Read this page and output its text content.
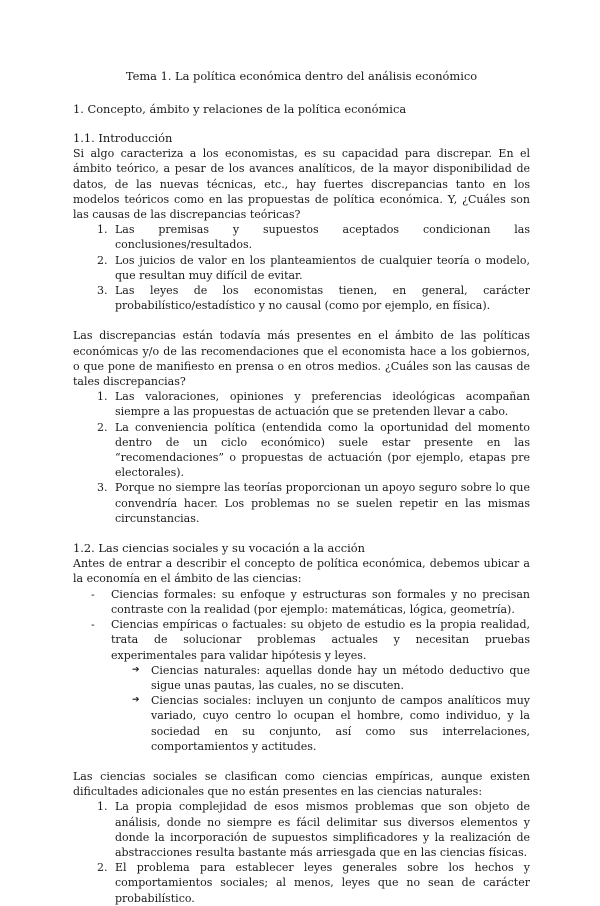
Tema 1. La política económica dentro del análisis económico
1. Concepto, ámbito y relaciones de la política económica
1.1. Introducción

Si algo caracteriza a los economistas, es su capacidad para discrepar. En el ámbito teórico, a pesar de los avances analíticos, de la mayor disponibilidad de datos, de las nuevas técnicas, etc., hay fuertes discrepancias tanto en los modelos teóricos como en las propuestas de política económica. Y, ¿Cuáles son las causas de las discrepancias teóricas?

1. Las premisas y supuestos aceptados condicionan las conclusiones/resultados.
2. Los juicios de valor en los planteamientos de cualquier teoría o modelo, que resultan muy difícil de evitar.
3. Las leyes de los economistas tienen, en general, carácter probabilístico/estadístico y no causal (como por ejemplo, en física).

Las discrepancias están todavía más presentes en el ámbito de las políticas económicas y/o de las recomendaciones que el economista hace a los gobiernos, o que pone de manifiesto en prensa o en otros medios. ¿Cuáles son las causas de tales discrepancias?

1. Las valoraciones, opiniones y preferencias ideológicas acompañan siempre a las propuestas de actuación que se pretenden llevar a cabo.
2. La conveniencia política (entendida como la oportunidad del momento dentro de un ciclo económico) suele estar presente en las “recomendaciones” o propuestas de actuación (por ejemplo, etapas pre electorales).
3. Porque no siempre las teorías proporcionan un apoyo seguro sobre lo que convendría hacer. Los problemas no se suelen repetir en las mismas circunstancias.
1.2. Las ciencias sociales y su vocación a la acción

Antes de entrar a describir el concepto de política económica, debemos ubicar a la economía en el ámbito de las ciencias:

- Ciencias formales: su enfoque y estructuras son formales y no precisan contraste con la realidad (por ejemplo: matemáticas, lógica, geometría).
- Ciencias empíricas o factuales: su objeto de estudio es la propia realidad, trata de solucionar problemas actuales y necesitan pruebas experimentales para validar hipótesis y leyes.
➔ Ciencias naturales: aquellas donde hay un método deductivo que sigue unas pautas, las cuales, no se discuten.
➔ Ciencias sociales: incluyen un conjunto de campos analíticos muy variado, cuyo centro lo ocupan el hombre, como individuo, y la sociedad en su conjunto, así como sus interrelaciones, comportamientos y actitudes.

Las ciencias sociales se clasifican como ciencias empíricas, aunque existen dificultades adicionales que no están presentes en las ciencias naturales:

1. La propia complejidad de esos mismos problemas que son objeto de análisis, donde no siempre es fácil delimitar sus diversos elementos y donde la incorporación de supuestos simplificadores y la realización de abstracciones resulta bastante más arriesgada que en las ciencias físicas.
2. El problema para establecer leyes generales sobre los hechos y comportamientos sociales; al menos, leyes que no sean de carácter probabilístico.
